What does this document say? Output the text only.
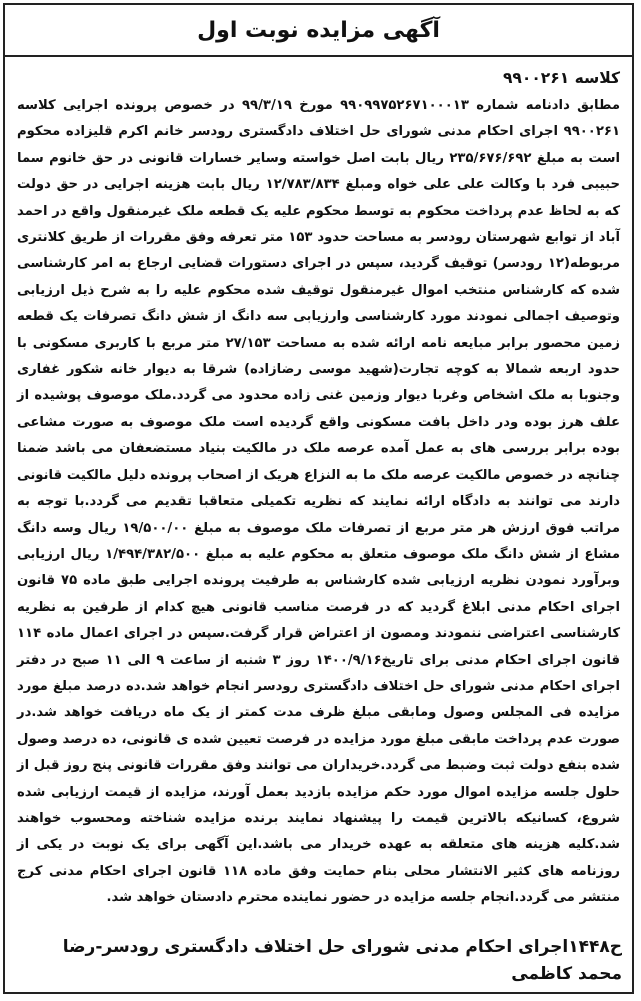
آگهی مزایده نوبت اول
کلاسه ۹۹۰۰۲۶۱

مطابق دادنامه شماره ۹۹۰۹۹۷۵۲۶۷۱۰۰۰۱۳ مورخ ۹۹/۳/۱۹ در خصوص پرونده اجرایی کلاسه ۹۹۰۰۲۶۱ اجرای احکام مدنی شورای حل اختلاف دادگستری رودسر خانم اکرم قلیزاده محکوم است به مبلغ ۲۳۵/۶۷۶/۶۹۲ ریال بابت اصل خواسته وسایر خسارات قانونی در حق خانوم سما حبیبی فرد با وکالت علی علی خواه ومبلغ ۱۲/۷۸۳/۸۳۴ ریال بابت هزینه اجرایی در حق دولت که به لحاظ عدم پرداخت محکوم به توسط محکوم علیه یک قطعه ملک غیرمنقول واقع در احمد آباد از توابع شهرستان رودسر به مساحت حدود ۱۵۳ متر تعرفه وفق مقررات از طریق کلانتری مربوطه(۱۲ رودسر) توقیف گردید، سپس در اجرای دستورات قضایی ارجاع به امر کارشناسی شده که کارشناس منتخب اموال غیرمنقول توقیف شده محکوم علیه را به شرح ذیل ارزیابی وتوصیف اجمالی نمودند مورد کارشناسی وارزیابی سه دانگ از شش دانگ تصرفات یک قطعه زمین محصور برابر مبایعه نامه ارائه شده به مساحت ۲۷/۱۵۳ متر مربع با کاربری مسکونی با حدود اربعه شمالا به کوچه تجارت(شهید موسی رضازاده) شرقا به دیوار خانه شکور غفاری وجنوبا به ملک اشخاص وغربا دیوار وزمین غنی زاده محدود می گردد.ملک موصوف پوشیده از علف هرز بوده ودر داخل بافت مسکونی واقع گردیده است ملک موصوف به صورت مشاعی بوده برابر بررسی های به عمل آمده عرصه ملک در مالکیت بنیاد مستضعفان می باشد ضمنا چنانچه در خصوص مالکیت عرصه ملک ما به النزاع هریک از اصحاب پرونده دلیل مالکیت قانونی دارند می توانند به دادگاه ارائه نمایند که نظریه تکمیلی متعاقبا تقدیم می گردد.با توجه به مراتب فوق ارزش هر متر مربع از تصرفات ملک موصوف به مبلغ ۱۹/۵۰۰/۰۰ ریال وسه دانگ مشاع از شش دانگ ملک موصوف متعلق به محکوم علیه به مبلغ ۱/۴۹۴/۳۸۲/۵۰۰ ریال ارزیابی وبرآورد نمودن نظریه ارزیابی شده کارشناس به طرفیت پرونده اجرایی طبق ماده ۷۵ قانون اجرای احکام مدنی ابلاغ گردید که در فرصت مناسب قانونی هیچ کدام از طرفین به نظریه کارشناسی اعتراضی ننمودند ومصون از اعتراض قرار گرفت.سپس در اجرای اعمال ماده ۱۱۴ قانون اجرای احکام مدنی برای تاریخ۱۴۰۰/۹/۱۶ روز ۳ شنبه از ساعت ۹ الی ۱۱ صبح در دفتر اجرای احکام مدنی شورای حل اختلاف دادگستری رودسر انجام خواهد شد.ده درصد مبلغ مورد مزایده فی المجلس وصول ومابقی مبلغ ظرف مدت کمتر از یک ماه دریافت خواهد شد.در صورت عدم پرداخت مابقی مبلغ مورد مزایده در فرصت تعیین شده ی قانونی، ده درصد وصول شده بنفع دولت ثبت وضبط می گردد.خریداران می توانند وفق مقررات قانونی پنج روز قبل از حلول جلسه مزایده اموال مورد حکم مزایده بازدید بعمل آورند، مزایده از قیمت ارزیابی شده شروع، کسانیکه بالاترین قیمت را پیشنهاد نمایند برنده مزایده شناخته ومحسوب خواهند شد.کلیه هزینه های متعلقه به عهده خریدار می باشد.این آگهی برای یک نوبت در یکی از روزنامه های کثیر الانتشار محلی بنام حمایت وفق ماده ۱۱۸ قانون اجرای احکام مدنی کرج منتشر می گردد.انجام جلسه مزایده در حضور نماینده محترم دادستان خواهد شد.

ح۱۴۴۸اجرای احکام مدنی شورای حل اختلاف دادگستری رودسر-رضا محمد کاظمی
